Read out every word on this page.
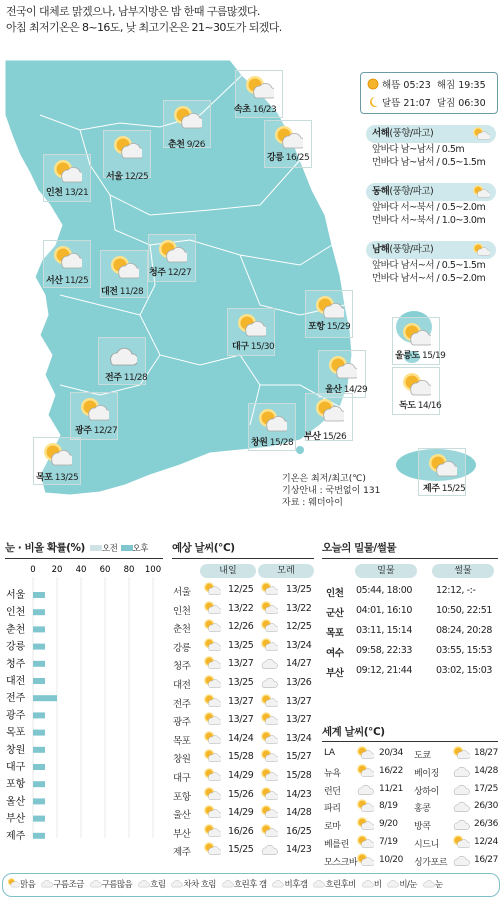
전국이 대체로 맑겠으나, 남부지방은 밤 한때 구름많겠다.
아침 최저기온은 8~16도, 낮 최고기온은 21~30도가 되겠다.
속초 16/23
춘천 9/26
강릉 16/25
서울 12/25
인천 13/21
서산 11/25
대전 11/28
청주 12/27
대구 15/30
포항 15/29
전주 11/28
울릉도 15/19
독도 14/16
울산 14/29
광주 12/27
창원 15/28
부산 15/26
목포 13/25
제주 15/25
해뜸 05:23 해짐 19:35
달뜸 21:07 달짐 06:30
서해(풍향/파고)
앞바다 남~남서 / 0.5m
먼바다 남~남서 / 0.5~1.5m
동해(풍향/파고)
앞바다 서~북서 / 0.5~2.0m
먼바다 서~북서 / 1.0~3.0m
남해(풍향/파고)
앞바다 남서~서 / 0.5~1.5m
먼바다 남서~서 / 0.5~2.0m
기온은 최저/최고(℃)
기상안내 : 국번없이 131
자료 : 웨더아이
눈 · 비올 확률(%) 오전 오후
0 20 40 60 80 100
서울
인천
춘천
강릉
청주
대전
전주
광주
목포
창원
대구
포항
울산
부산
제주
예상 날씨(℃)
내일	모레
서울	12/25	13/25
인천	13/22	13/22
춘천	12/26	12/25
강릉	13/25	13/24
청주	13/27	14/27
대전	13/25	13/26
전주	13/27	13/27
광주	13/27	13/27
목포	14/24	13/24
창원	15/28	15/27
대구	14/29	15/28
포항	15/26	14/23
울산	14/29	14/28
부산	16/26	16/25
제주	15/25	14/23
오늘의 밀물/썰물
밀물	썰물
인천 05:44, 18:00	12:12, -:-
군산 04:01, 16:10	10:50, 22:51
목포 03:11, 15:14	08:24, 20:28
여수 09:58, 22:33	03:55, 15:53
부산 09:12, 21:44	03:02, 15:03
세계 날씨(℃)
LA	20/34 도쿄	18/27
뉴욕	16/22 베이징	14/28
런던	11/21 상하이	17/25
파리	8/19 홍콩	26/30
로마	9/20 방콕	26/36
베를린	7/19 시드니	12/24
모스크바 10/20 싱가포르	16/27
맑음 구름조금 구름많음 흐림 차차 흐림 흐린후 갬 비후갬 흐린후비 비 비/눈 눈
